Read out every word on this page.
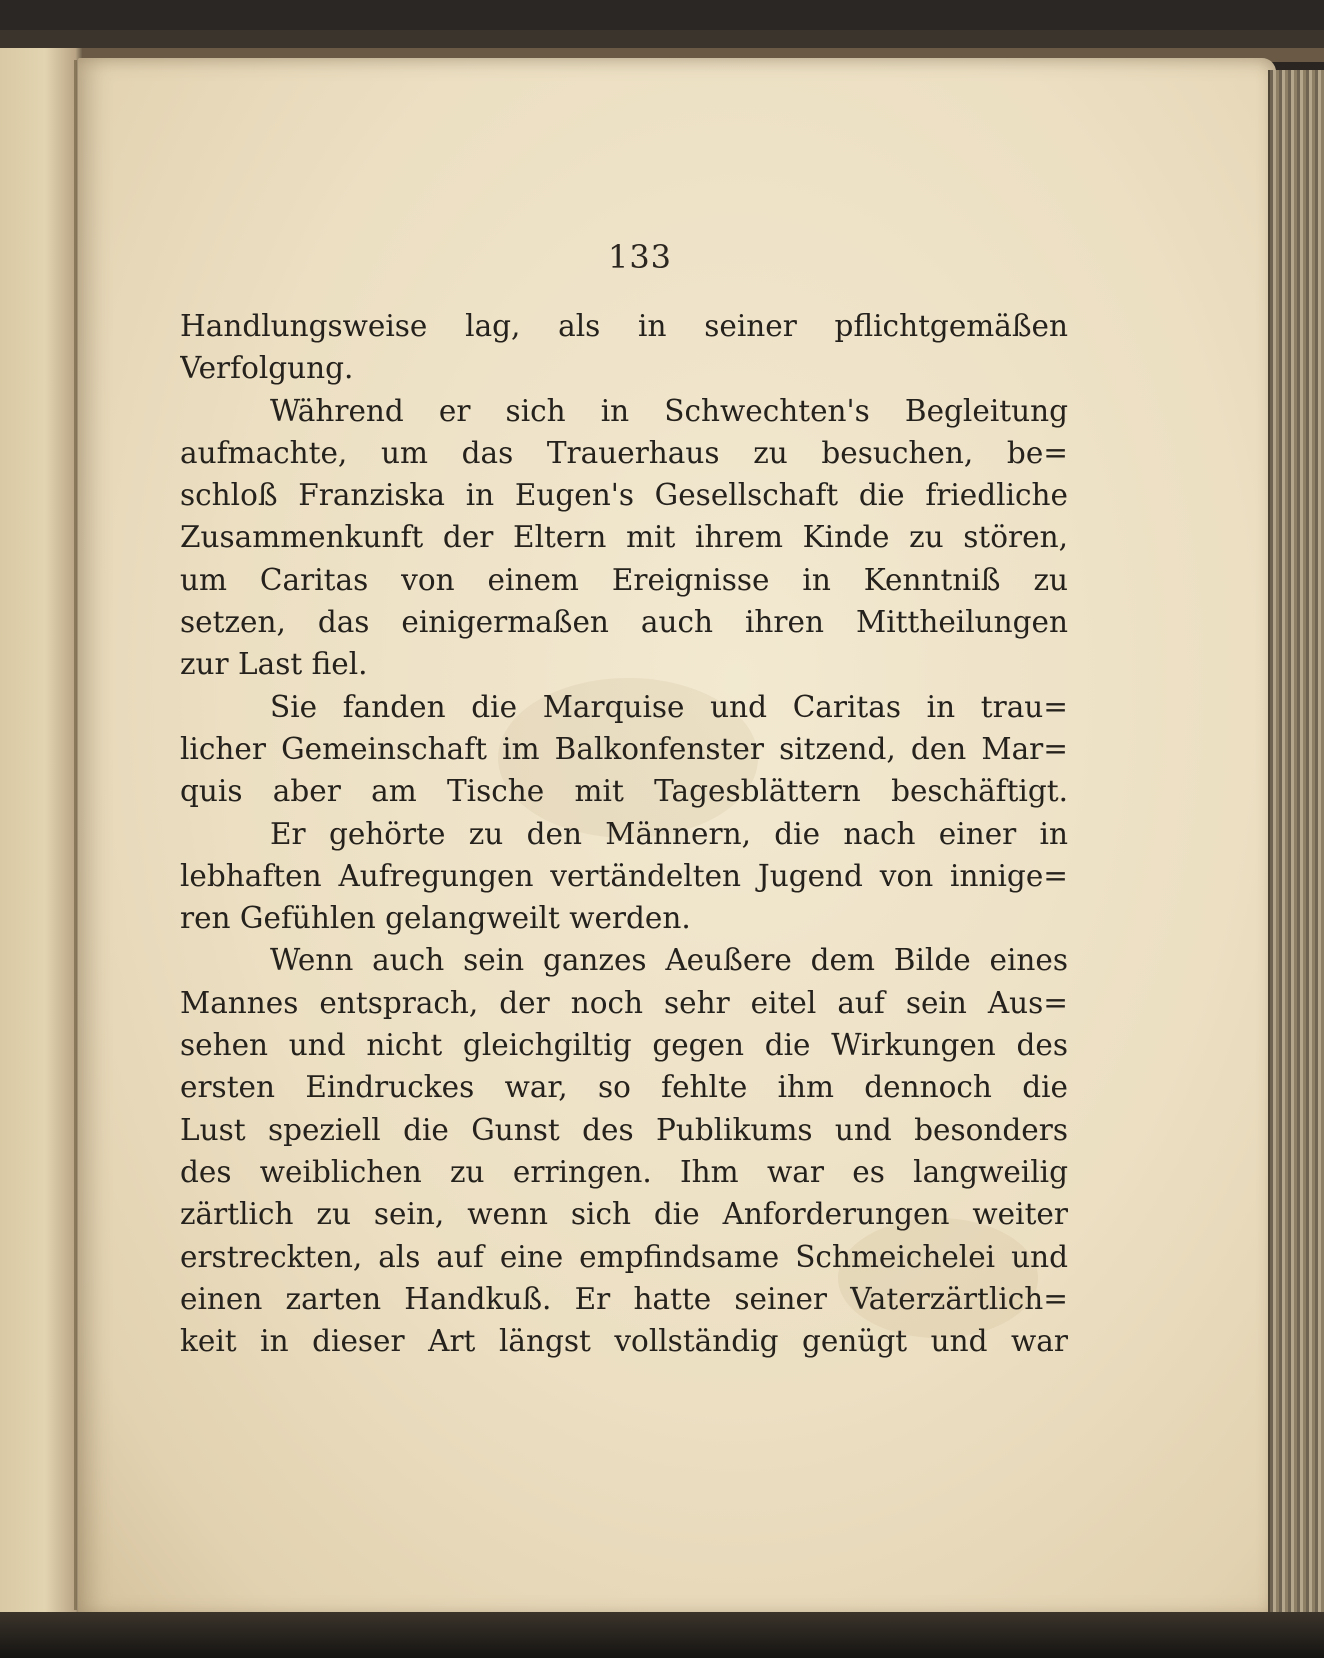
133
Handlungsweise lag, als in seiner pflichtgemäßen
Verfolgung.
Während er sich in Schwechten's Begleitung
aufmachte, um das Trauerhaus zu besuchen, be=
schloß Franziska in Eugen's Gesellschaft die friedliche
Zusammenkunft der Eltern mit ihrem Kinde zu stören,
um Caritas von einem Ereignisse in Kenntniß zu
setzen, das einigermaßen auch ihren Mittheilungen
zur Last fiel.
Sie fanden die Marquise und Caritas in trau=
licher Gemeinschaft im Balkonfenster sitzend, den Mar=
quis aber am Tische mit Tagesblättern beschäftigt.
Er gehörte zu den Männern, die nach einer in
lebhaften Aufregungen vertändelten Jugend von innige=
ren Gefühlen gelangweilt werden.
Wenn auch sein ganzes Aeußere dem Bilde eines
Mannes entsprach, der noch sehr eitel auf sein Aus=
sehen und nicht gleichgiltig gegen die Wirkungen des
ersten Eindruckes war, so fehlte ihm dennoch die
Lust speziell die Gunst des Publikums und besonders
des weiblichen zu erringen. Ihm war es langweilig
zärtlich zu sein, wenn sich die Anforderungen weiter
erstreckten, als auf eine empfindsame Schmeichelei und
einen zarten Handkuß. Er hatte seiner Vaterzärtlich=
keit in dieser Art längst vollständig genügt und war
